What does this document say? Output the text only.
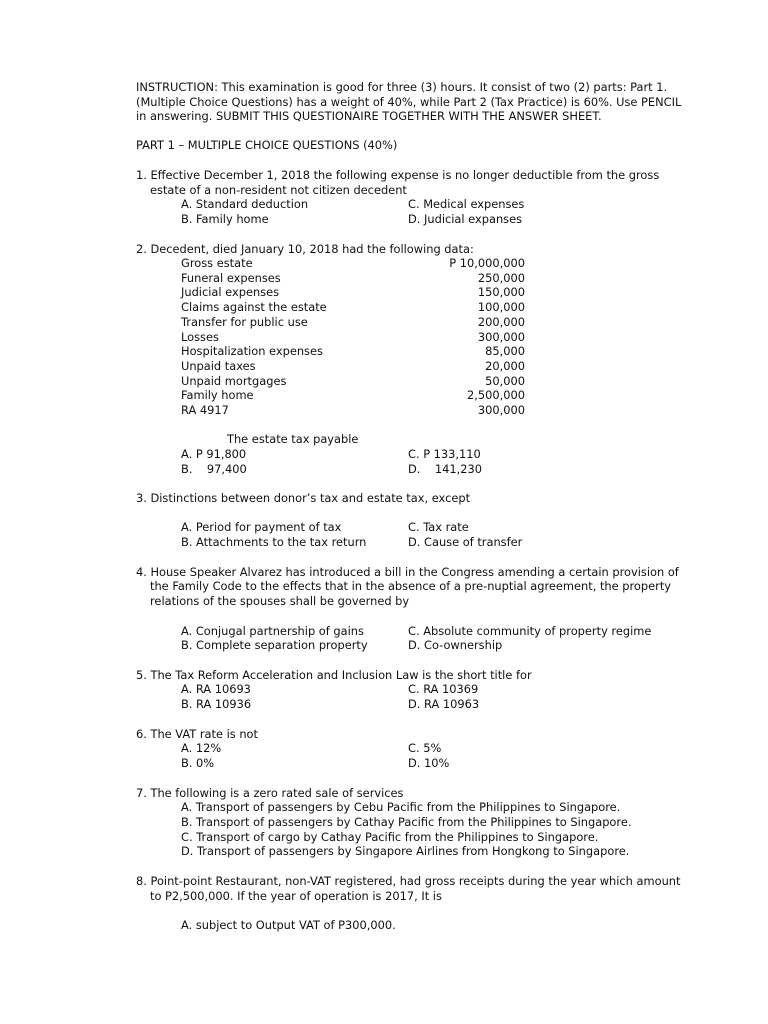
INSTRUCTION: This examination is good for three (3) hours. It consist of two (2) parts: Part 1.
(Multiple Choice Questions) has a weight of 40%, while Part 2 (Tax Practice) is 60%. Use PENCIL
in answering. SUBMIT THIS QUESTIONAIRE TOGETHER WITH THE ANSWER SHEET.
PART 1 – MULTIPLE CHOICE QUESTIONS (40%)
1. Effective December 1, 2018 the following expense is no longer deductible from the gross
estate of a non-resident not citizen decedent
A. Standard deduction	C. Medical expenses
B. Family home	D. Judicial expanses
2. Decedent, died January 10, 2018 had the following data:
Gross estate	P 10,000,000
Funeral expenses	250,000
Judicial expenses	150,000
Claims against the estate	100,000
Transfer for public use	200,000
Losses	300,000
Hospitalization expenses	85,000
Unpaid taxes	20,000
Unpaid mortgages	50,000
Family home	2,500,000
RA 4917	300,000
The estate tax payable
A. P 91,800	C. P 133,110
B.    97,400	D.    141,230
3. Distinctions between donor’s tax and estate tax, except
A. Period for payment of tax	C. Tax rate
B. Attachments to the tax return	D. Cause of transfer
4. House Speaker Alvarez has introduced a bill in the Congress amending a certain provision of
the Family Code to the effects that in the absence of a pre-nuptial agreement, the property
relations of the spouses shall be governed by
A. Conjugal partnership of gains	C. Absolute community of property regime
B. Complete separation property	D. Co-ownership
5. The Tax Reform Acceleration and Inclusion Law is the short title for
A. RA 10693	C. RA 10369
B. RA 10936	D. RA 10963
6. The VAT rate is not
A. 12%	C. 5%
B. 0%	D. 10%
7. The following is a zero rated sale of services
A. Transport of passengers by Cebu Pacific from the Philippines to Singapore.
B. Transport of passengers by Cathay Pacific from the Philippines to Singapore.
C. Transport of cargo by Cathay Pacific from the Philippines to Singapore.
D. Transport of passengers by Singapore Airlines from Hongkong to Singapore.
8. Point-point Restaurant, non-VAT registered, had gross receipts during the year which amount
to P2,500,000. If the year of operation is 2017, It is
A. subject to Output VAT of P300,000.
